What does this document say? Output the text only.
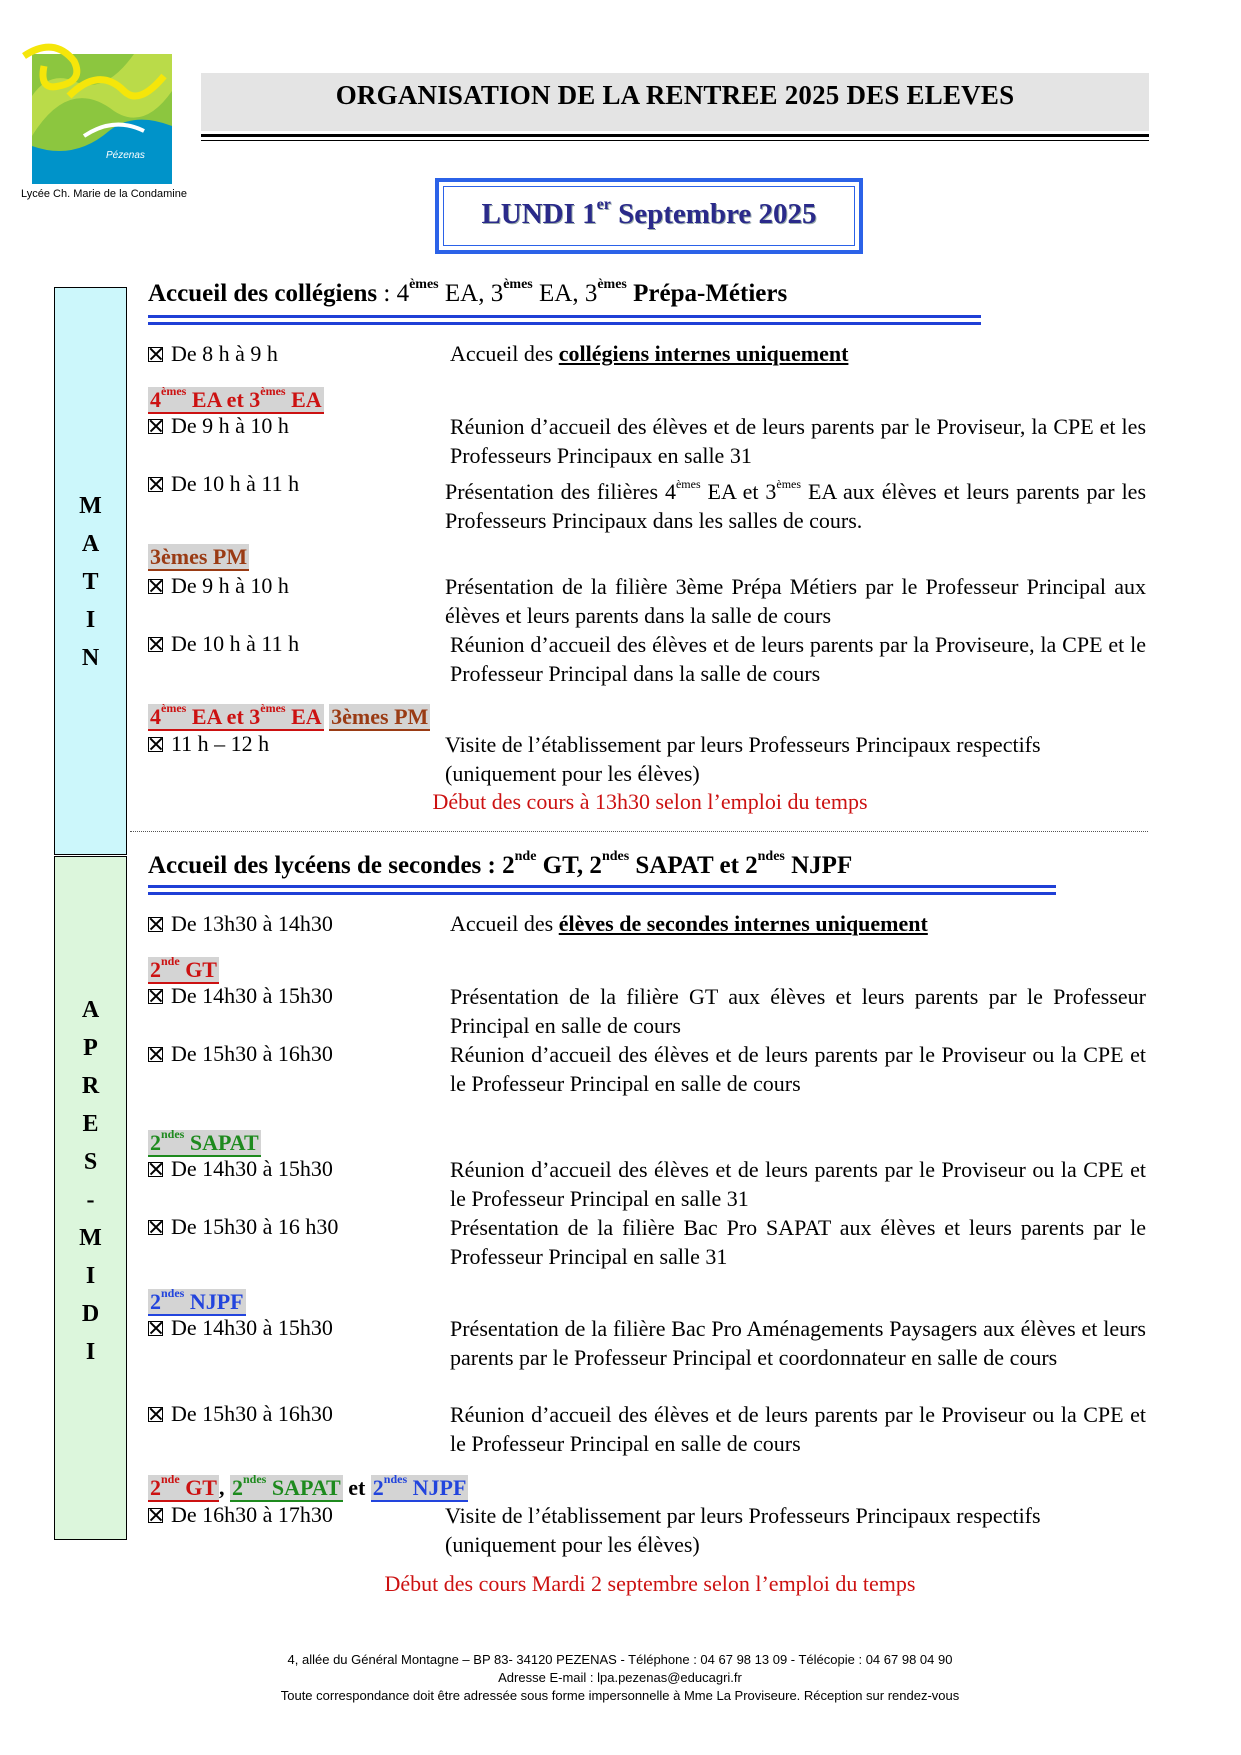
Pézenas
Lycée Ch. Marie de la Condamine
ORGANISATION DE LA RENTREE 2025 DES ELEVES
LUNDI 1er Septembre 2025
M
A
T
I
N
A
P
R
E
S
-
M
I
D
I
Accueil des collégiens : 4èmes EA, 3èmes EA, 3èmes Prépa-Métiers
De 8 h à 9 h	Accueil des collégiens internes uniquement
4èmes EA et 3èmes EA
De 9 h à 10 h	Réunion d’accueil des élèves et de leurs parents par le Proviseur, la CPE et les Professeurs Principaux en salle 31
De 10 h à 11 h	Présentation des filières 4èmes EA et 3èmes EA aux élèves et leurs parents par les Professeurs Principaux dans les salles de cours.
3èmes PM
De 9 h à 10 h	Présentation de la filière 3ème Prépa Métiers par le Professeur Principal aux élèves et leurs parents dans la salle de cours
De 10 h à 11 h	Réunion d’accueil des élèves et de leurs parents par la Proviseure, la CPE et le Professeur Principal dans la salle de cours
4èmes EA et 3èmes EA 3èmes PM
11 h – 12 h	Visite de l’établissement par leurs Professeurs Principaux respectifs (uniquement pour les élèves)
Début des cours à 13h30 selon l’emploi du temps
Accueil des lycéens de secondes : 2nde GT, $2^{ndes}$ SAPAT et $2^{ndes}$ NJPF
De 13h30 à 14h30	Accueil des élèves de secondes internes uniquement
2nde GT
De 14h30 à 15h30	Présentation de la filière GT aux élèves et leurs parents par le Professeur Principal en salle de cours
De 15h30 à 16h30	Réunion d’accueil des élèves et de leurs parents par le Proviseur ou la CPE et le Professeur Principal en salle de cours
$2^{ndes}$ SAPAT
De 14h30 à 15h30	Réunion d’accueil des élèves et de leurs parents par le Proviseur ou la CPE et le Professeur Principal en salle 31
De 15h30 à 16 h30	Présentation de la filière Bac Pro SAPAT aux élèves et leurs parents par le Professeur Principal en salle 31
$2^{ndes}$ NJPF
De 14h30 à 15h30	Présentation de la filière Bac Pro Aménagements Paysagers aux élèves et leurs parents par le Professeur Principal et coordonnateur en salle de cours
De 15h30 à 16h30	Réunion d’accueil des élèves et de leurs parents par le Proviseur ou la CPE et le Professeur Principal en salle de cours
2nde GT, $2^{ndes}$ SAPAT et $2^{ndes}$ NJPF
De 16h30 à 17h30	Visite de l’établissement par leurs Professeurs Principaux respectifs (uniquement pour les élèves)
Début des cours Mardi 2 septembre selon l’emploi du temps
4, allée du Général Montagne – BP 83- 34120 PEZENAS - Téléphone : 04 67 98 13 09 - Télécopie : 04 67 98 04 90
Adresse E-mail : lpa.pezenas@educagri.fr
Toute correspondance doit être adressée sous forme impersonnelle à Mme La Proviseure. Réception sur rendez-vous
